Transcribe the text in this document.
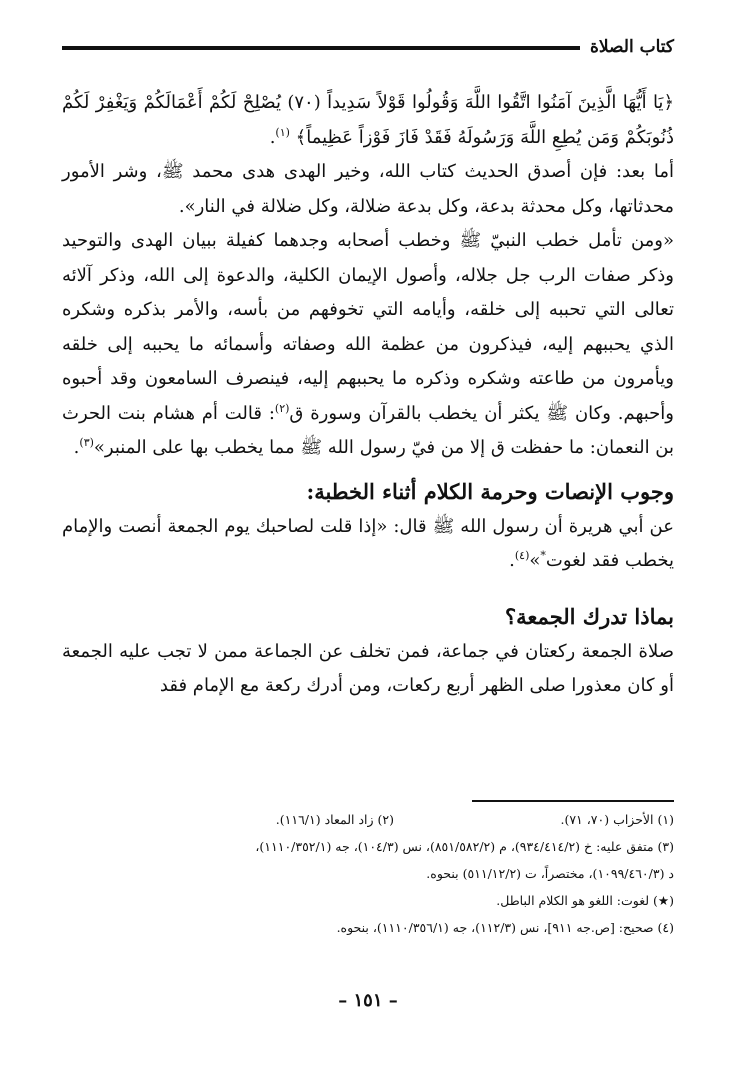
كتاب الصلاة

﴿يَا أَيُّهَا الَّذِينَ آمَنُوا اتَّقُوا اللَّهَ وَقُولُوا قَوْلاً سَدِيداً (٧٠) يُصْلِحْ لَكُمْ أَعْمَالَكُمْ وَيَغْفِرْ لَكُمْ ذُنُوبَكُمْ وَمَن يُطِعِ اللَّهَ وَرَسُولَهُ فَقَدْ فَازَ فَوْزاً عَظِيماً﴾ $^{(١)}$.

أما بعد: فإن أصدق الحديث كتاب الله، وخير الهدى هدى محمد ﷺ، وشر الأمور محدثاتها، وكل محدثة بدعة، وكل بدعة ضلالة، وكل ضلالة في النار».

«ومن تأمل خطب النبيّ ﷺ وخطب أصحابه وجدهما كفيلة ببيان الهدى والتوحيد وذكر صفات الرب جل جلاله، وأصول الإيمان الكلية، والدعوة إلى الله، وذكر آلائه تعالى التي تحببه إلى خلقه، وأيامه التي تخوفهم من بأسه، والأمر بذكره وشكره الذي يحببهم إليه، فيذكرون من عظمة الله وصفاته وأسمائه ما يحببه إلى خلقه ويأمرون من طاعته وشكره وذكره ما يحببهم إليه، فينصرف السامعون وقد أحبوه وأحبهم. وكان ﷺ يكثر أن يخطب بالقرآن وسورة ق$^{(٢)}$: قالت أم هشام بنت الحرث بن النعمان: ما حفظت ق إلا من فيّ رسول الله ﷺ مما يخطب بها على المنبر»$^{(٣)}$.

وجوب الإنصات وحرمة الكلام أثناء الخطبة:

عن أبي هريرة أن رسول الله ﷺ قال: «إذا قلت لصاحبك يوم الجمعة أنصت والإمام يخطب فقد لغوت*»$^{(٤)}$.

بماذا تدرك الجمعة؟

صلاة الجمعة ركعتان في جماعة، فمن تخلف عن الجماعة ممن لا تجب عليه الجمعة أو كان معذورا صلى الظهر أربع ركعات، ومن أدرك ركعة مع الإمام فقد

(١) الأحزاب (٧٠، ٧١).
(٢) زاد المعاد (١١٦/١).
(٣) متفق عليه: خ (٩٣٤/٤١٤/٢)، م (٨٥١/٥٨٢/٢)، نس (١٠٤/٣)، جه (١١١٠/٣٥٢/١)،
د (١٠٩٩/٤٦٠/٣)، مختصراً، ت (٥١١/١٢/٢) بنحوه.
(★) لغوت: اللغو هو الكلام الباطل.
(٤) صحيح: [ص.جه ٩١١]، نس (١١٢/٣)، جه (١١١٠/٣٥٦/١)، بنحوه.
– ١٥١ –
